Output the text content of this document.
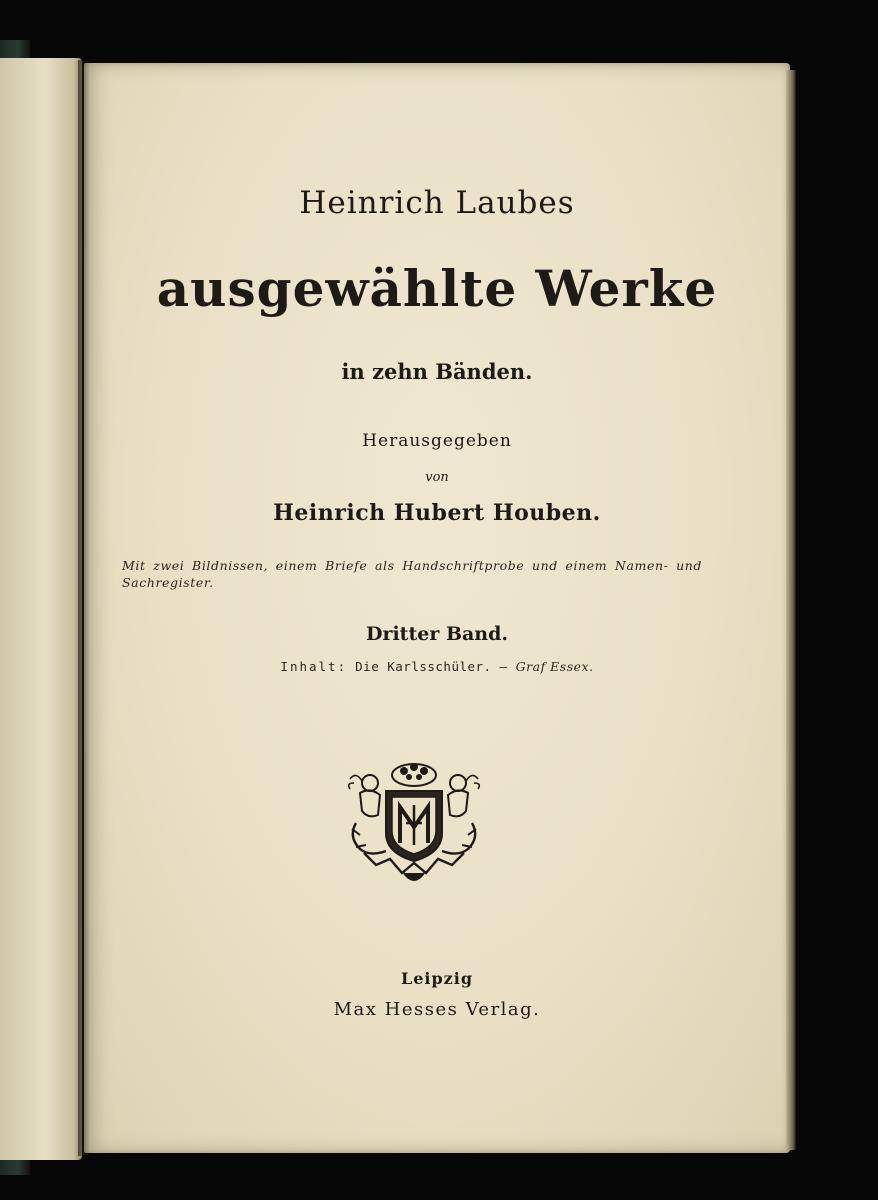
Heinrich Laubes
ausgewählte Werke
in zehn Bänden.
Herausgegeben
von
Heinrich Hubert Houben.
Mit zwei Bildnissen, einem Briefe als Handschriftprobe und einem Namen- und Sachregister.
Dritter Band.
Inhalt: Die Karlsschüler. — Graf Essex.
Leipzig
Max Hesses Verlag.
